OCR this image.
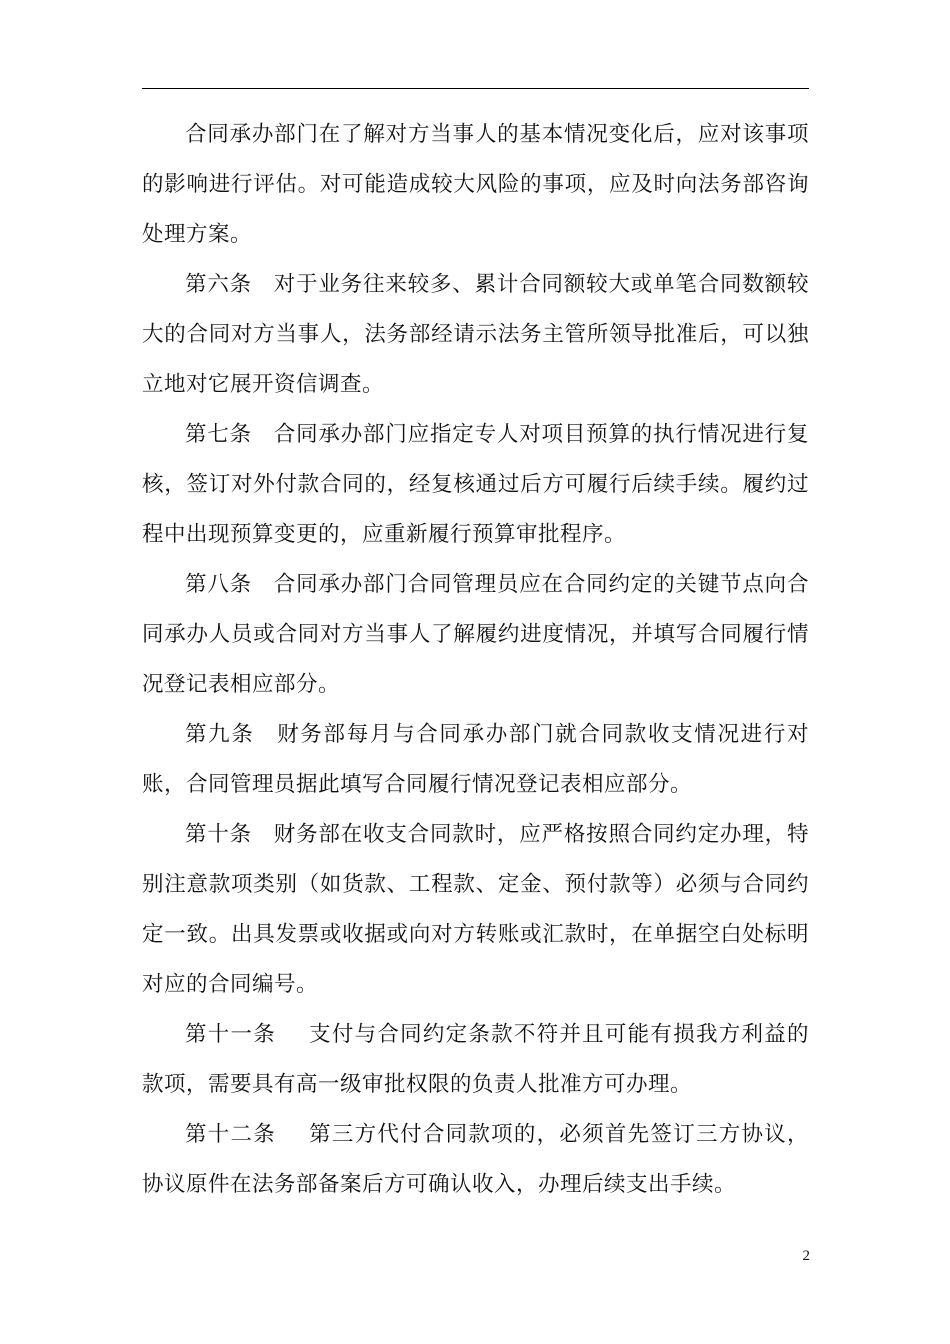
合同承办部门在了解对方当事人的基本情况变化后，应对该事项的影响进行评估。对可能造成较大风险的事项，应及时向法务部咨询处理方案。

第六条 对于业务往来较多、累计合同额较大或单笔合同数额较大的合同对方当事人，法务部经请示法务主管所领导批准后，可以独立地对它展开资信调查。

第七条 合同承办部门应指定专人对项目预算的执行情况进行复核，签订对外付款合同的，经复核通过后方可履行后续手续。履约过程中出现预算变更的，应重新履行预算审批程序。

第八条 合同承办部门合同管理员应在合同约定的关键节点向合同承办人员或合同对方当事人了解履约进度情况，并填写合同履行情况登记表相应部分。

第九条 财务部每月与合同承办部门就合同款收支情况进行对账，合同管理员据此填写合同履行情况登记表相应部分。

第十条 财务部在收支合同款时，应严格按照合同约定办理，特别注意款项类别（如货款、工程款、定金、预付款等）必须与合同约定一致。出具发票或收据或向对方转账或汇款时，在单据空白处标明对应的合同编号。

第十一条 支付与合同约定条款不符并且可能有损我方利益的款项，需要具有高一级审批权限的负责人批准方可办理。

第十二条 第三方代付合同款项的，必须首先签订三方协议，协议原件在法务部备案后方可确认收入，办理后续支出手续。

2
